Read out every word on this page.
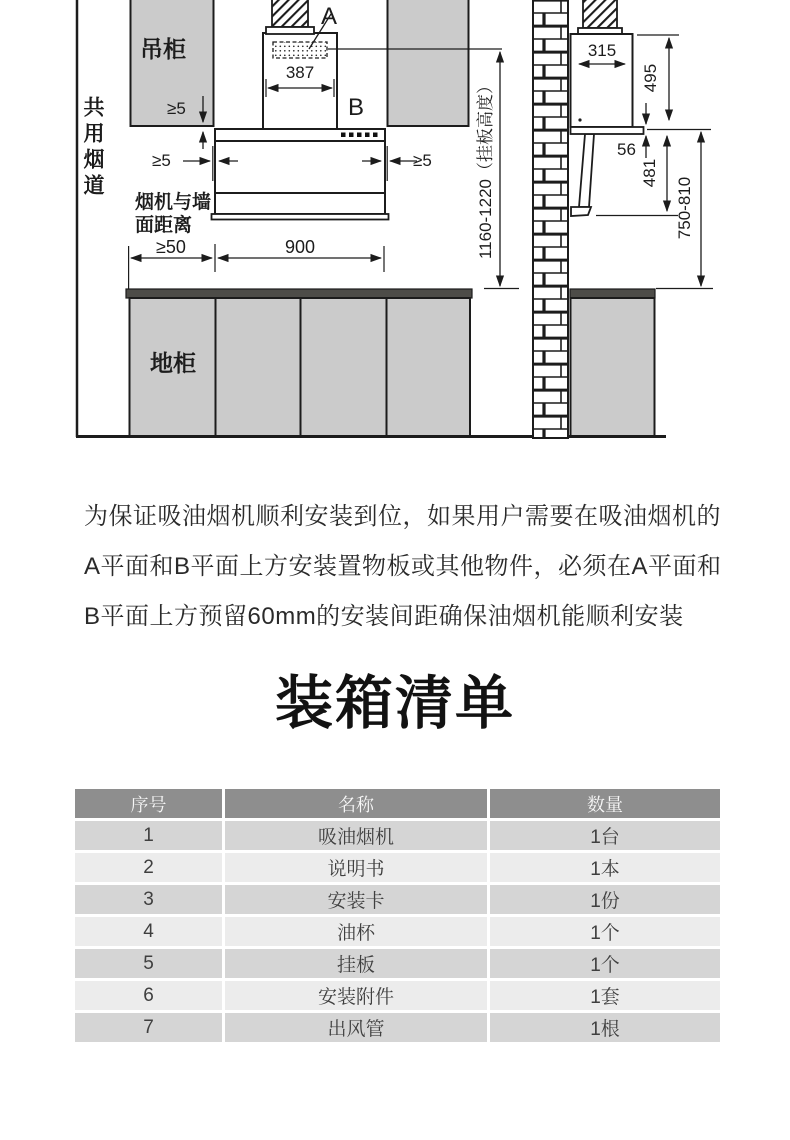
共用烟道
吊柜
地柜
A
B
387
≥5
≥5	≥5
烟机与墙
面距离
≥50	900
315
495
56
481
750-810
1160-1220（挂板高度）
为保证吸油烟机顺利安装到位，如果用户需要在吸油烟机的
A平面和B平面上方安装置物板或其他物件，必须在A平面和
B平面上方预留60mm的安装间距确保油烟机能顺利安装
装箱清单
序号	名称	数量
1	吸油烟机	1台
2	说明书	1本
3	安装卡	1份
4	油杯	1个
5	挂板	1个
6	安装附件	1套
7	出风管	1根
